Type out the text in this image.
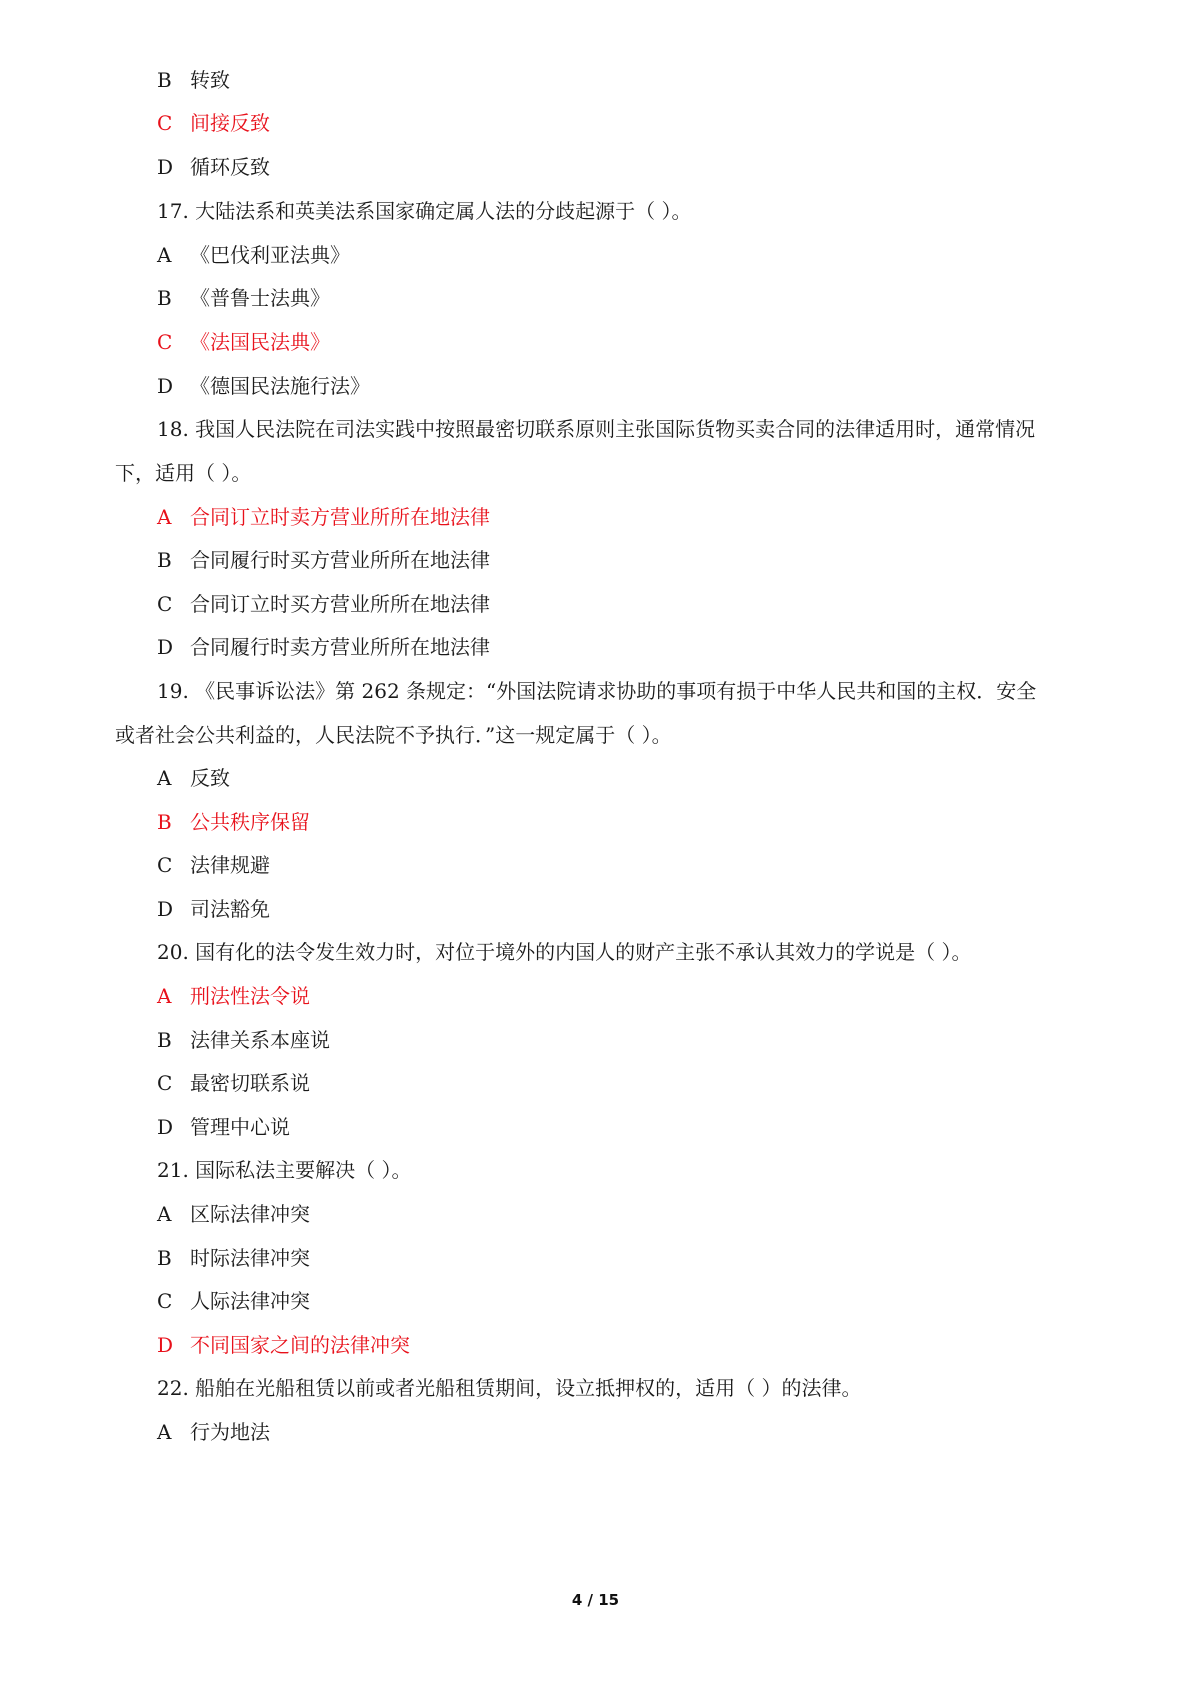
B 转致
C 间接反致
D 循环反致
17. 大陆法系和英美法系国家确定属人法的分歧起源于（ ）。
A 《巴伐利亚法典》
B 《普鲁士法典》
C 《法国民法典》
D 《德国民法施行法》
18. 我国人民法院在司法实践中按照最密切联系原则主张国际货物买卖合同的法律适用时，通常情况
下，适用（ ）。
A 合同订立时卖方营业所所在地法律
B 合同履行时买方营业所所在地法律
C 合同订立时买方营业所所在地法律
D 合同履行时卖方营业所所在地法律
19. 《民事诉讼法》第 262 条规定：“外国法院请求协助的事项有损于中华人民共和国的主权．安全
或者社会公共利益的，人民法院不予执行．”这一规定属于（ ）。
A 反致
B 公共秩序保留
C 法律规避
D 司法豁免
20. 国有化的法令发生效力时，对位于境外的内国人的财产主张不承认其效力的学说是（ ）。
A 刑法性法令说
B 法律关系本座说
C 最密切联系说
D 管理中心说
21. 国际私法主要解决（ ）。
A 区际法律冲突
B 时际法律冲突
C 人际法律冲突
D 不同国家之间的法律冲突
22. 船舶在光船租赁以前或者光船租赁期间，设立抵押权的，适用（ ）的法律。
A 行为地法
4 / 15
